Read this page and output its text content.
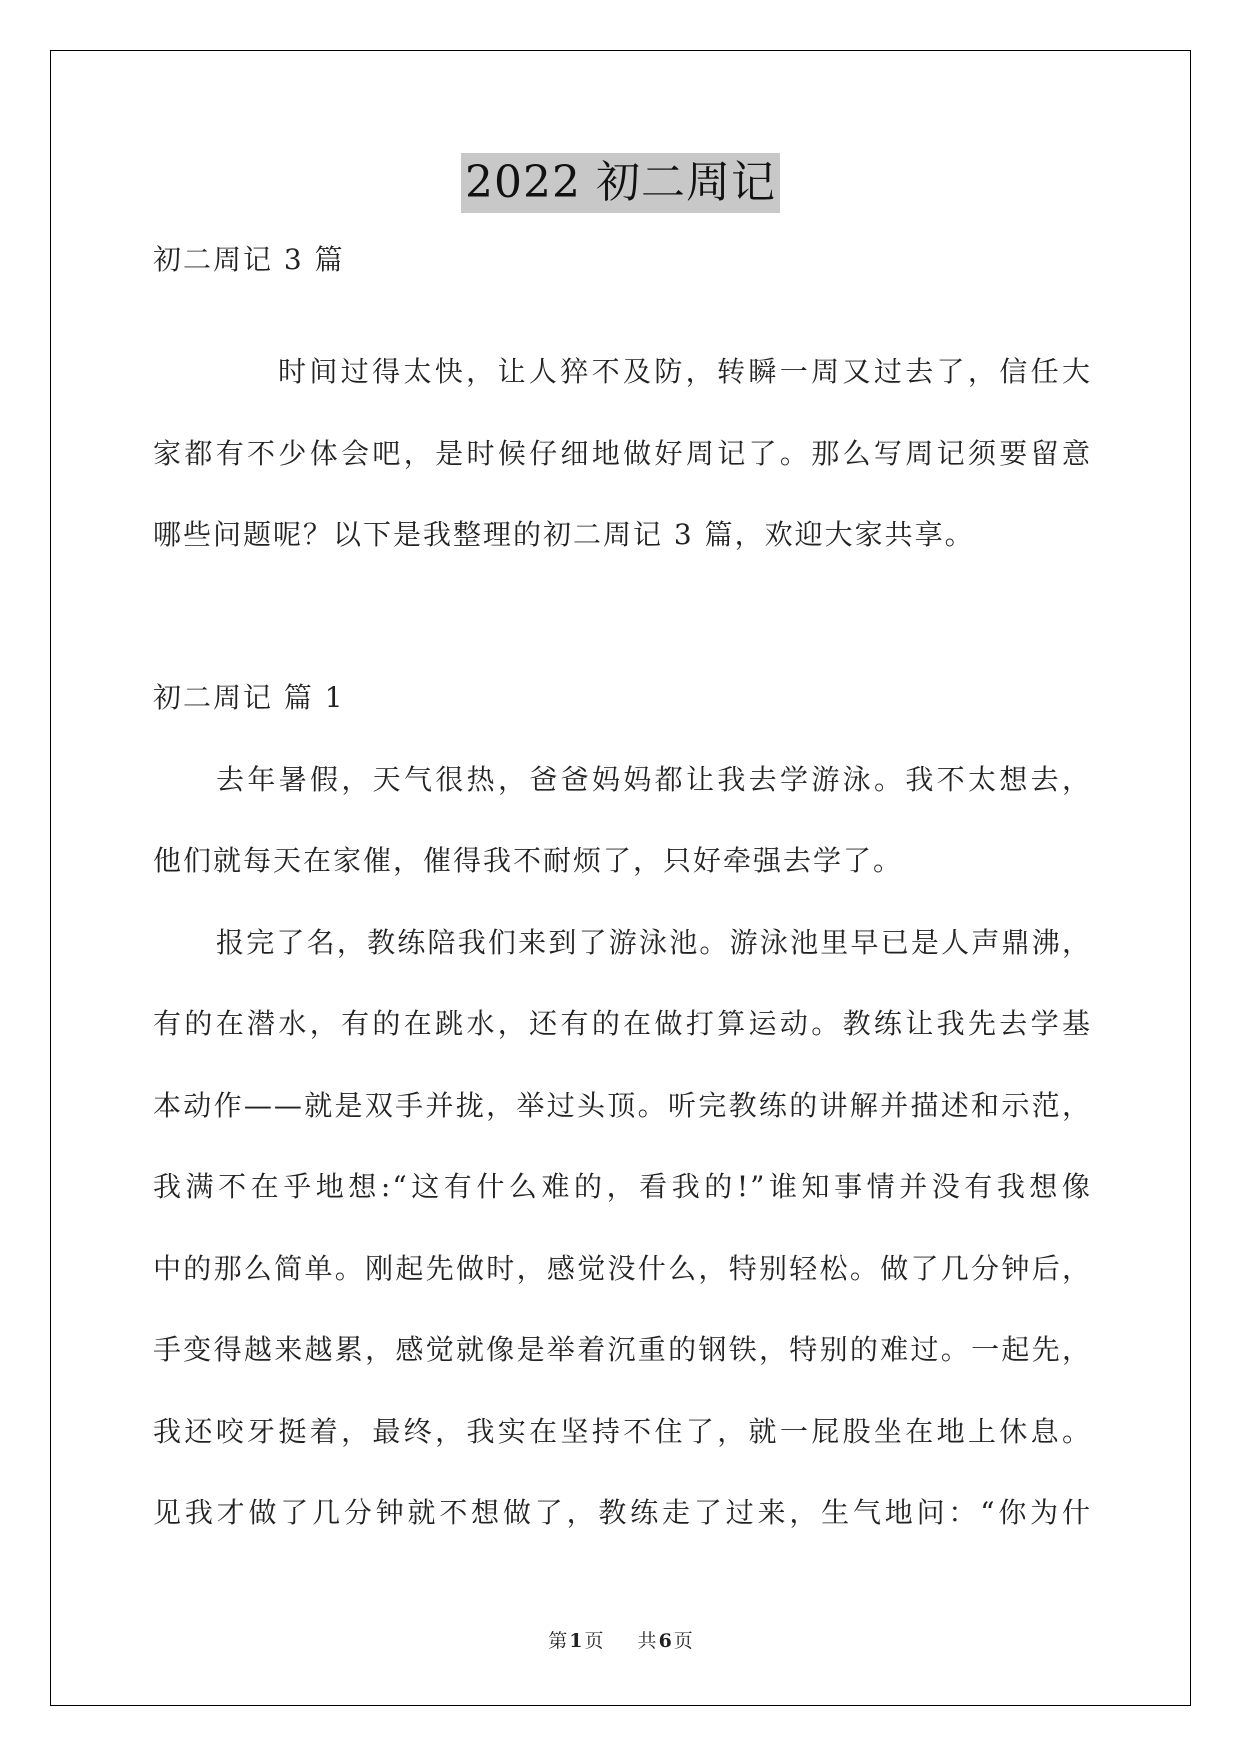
2022 初二周记
初二周记 3 篇
时间过得太快，让人猝不及防，转瞬一周又过去了，信任大
家都有不少体会吧，是时候仔细地做好周记了。那么写周记须要留意
哪些问题呢？以下是我整理的初二周记 3 篇，欢迎大家共享。
初二周记 篇 1
去年暑假，天气很热，爸爸妈妈都让我去学游泳。我不太想去，
他们就每天在家催，催得我不耐烦了，只好牵强去学了。
报完了名，教练陪我们来到了游泳池。游泳池里早已是人声鼎沸，
有的在潜水，有的在跳水，还有的在做打算运动。教练让我先去学基
本动作——就是双手并拢，举过头顶。听完教练的讲解并描述和示范，
我满不在乎地想:“这有什么难的，看我的!”谁知事情并没有我想像
中的那么简单。刚起先做时，感觉没什么，特别轻松。做了几分钟后，
手变得越来越累，感觉就像是举着沉重的钢铁，特别的难过。一起先，
我还咬牙挺着，最终，我实在坚持不住了，就一屁股坐在地上休息。
见我才做了几分钟就不想做了，教练走了过来，生气地问：“你为什
第 1 页 共 6 页
